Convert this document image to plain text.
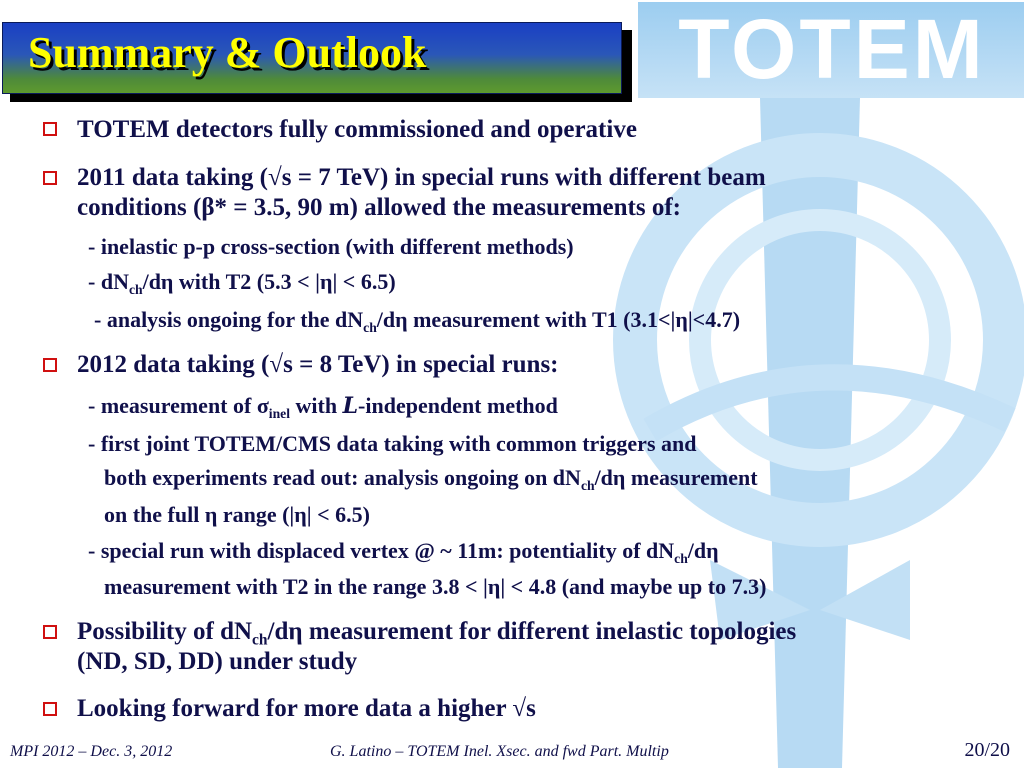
TOTEM
Summary & Outlook
TOTEM detectors fully commissioned and operative
2011 data taking (√s = 7 TeV) in special runs with different beam
conditions (β* = 3.5, 90 m) allowed the measurements of:
- inelastic p-p cross-section (with different methods)
- $dN_{ch}/d\eta$ with T2 (5.3 < |η| < 6.5)
- analysis ongoing for the $dN_{ch}/d\eta$ measurement with T1 (3.1<|η|<4.7)
2012 data taking (√s = 8 TeV) in special runs:
- measurement of $\sigma_{inel}$ with L-independent method
- first joint TOTEM/CMS data taking with common triggers and
both experiments read out: analysis ongoing on $dN_{ch}/d\eta$ measurement
on the full η range (|η| < 6.5)
- special run with displaced vertex @ ~ 11m: potentiality of $dN_{ch}/d\eta$
measurement with T2 in the range 3.8 < |η| < 4.8 (and maybe up to 7.3)
Possibility of $dN_{ch}/d\eta$ measurement for different inelastic topologies
(ND, SD, DD) under study
Looking forward for more data a higher √s
MPI 2012 – Dec. 3, 2012	G. Latino – TOTEM Inel. Xsec. and fwd Part. Multip	20/20
